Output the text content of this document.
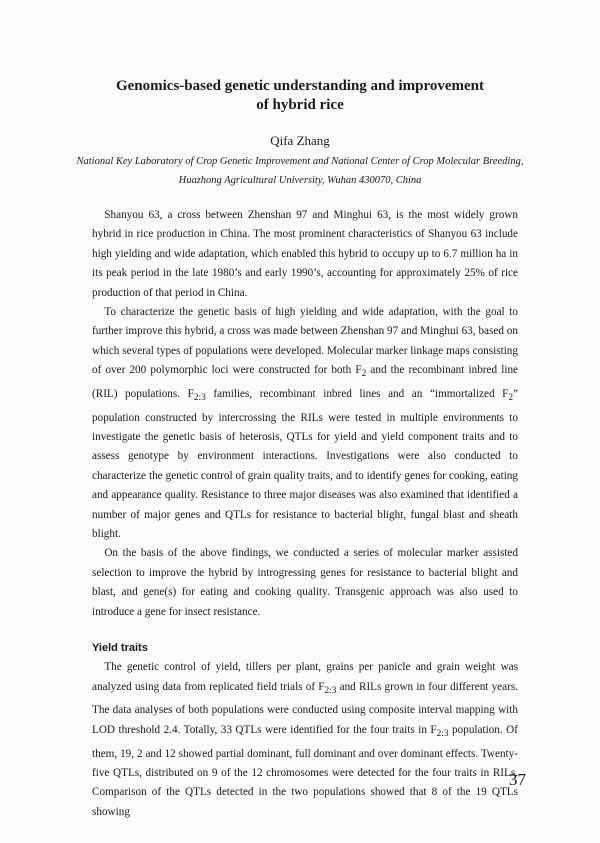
Genomics-based genetic understanding and improvement
of hybrid rice
Qifa Zhang
National Key Laboratory of Crop Genetic Improvement and National Center of Crop Molecular Breeding,
Huazhong Agricultural University, Wuhan 430070, China

Shanyou 63, a cross between Zhenshan 97 and Minghui 63, is the most widely grown hybrid in rice production in China. The most prominent characteristics of Shanyou 63 include high yielding and wide adaptation, which enabled this hybrid to occupy up to 6.7 million ha in its peak period in the late 1980’s and early 1990’s, accounting for approximately 25% of rice production of that period in China.

To characterize the genetic basis of high yielding and wide adaptation, with the goal to further improve this hybrid, a cross was made between Zhenshan 97 and Minghui 63, based on which several types of populations were developed. Molecular marker linkage maps consisting of over 200 polymorphic loci were constructed for both $F_2$ and the recombinant inbred line (RIL) populations. $F_{2:3}$ families, recombinant inbred lines and an “immortalized $F_2$” population constructed by intercrossing the RILs were tested in multiple environments to investigate the genetic basis of heterosis, QTLs for yield and yield component traits and to assess genotype by environment interactions. Investigations were also conducted to characterize the genetic control of grain quality traits, and to identify genes for cooking, eating and appearance quality. Resistance to three major diseases was also examined that identified a number of major genes and QTLs for resistance to bacterial blight, fungal blast and sheath blight.

On the basis of the above findings, we conducted a series of molecular marker assisted selection to improve the hybrid by introgressing genes for resistance to bacterial blight and blast, and gene(s) for eating and cooking quality. Transgenic approach was also used to introduce a gene for insect resistance.

Yield traits

The genetic control of yield, tillers per plant, grains per panicle and grain weight was analyzed using data from replicated field trials of $F_{2:3}$ and RILs grown in four different years. The data analyses of both populations were conducted using composite interval mapping with LOD threshold 2.4. Totally, 33 QTLs were identified for the four traits in $F_{2:3}$ population. Of them, 19, 2 and 12 showed partial dominant, full dominant and over dominant effects. Twenty-five QTLs, distributed on 9 of the 12 chromosomes were detected for the four traits in RILs. Comparison of the QTLs detected in the two populations showed that 8 of the 19 QTLs showing

37
